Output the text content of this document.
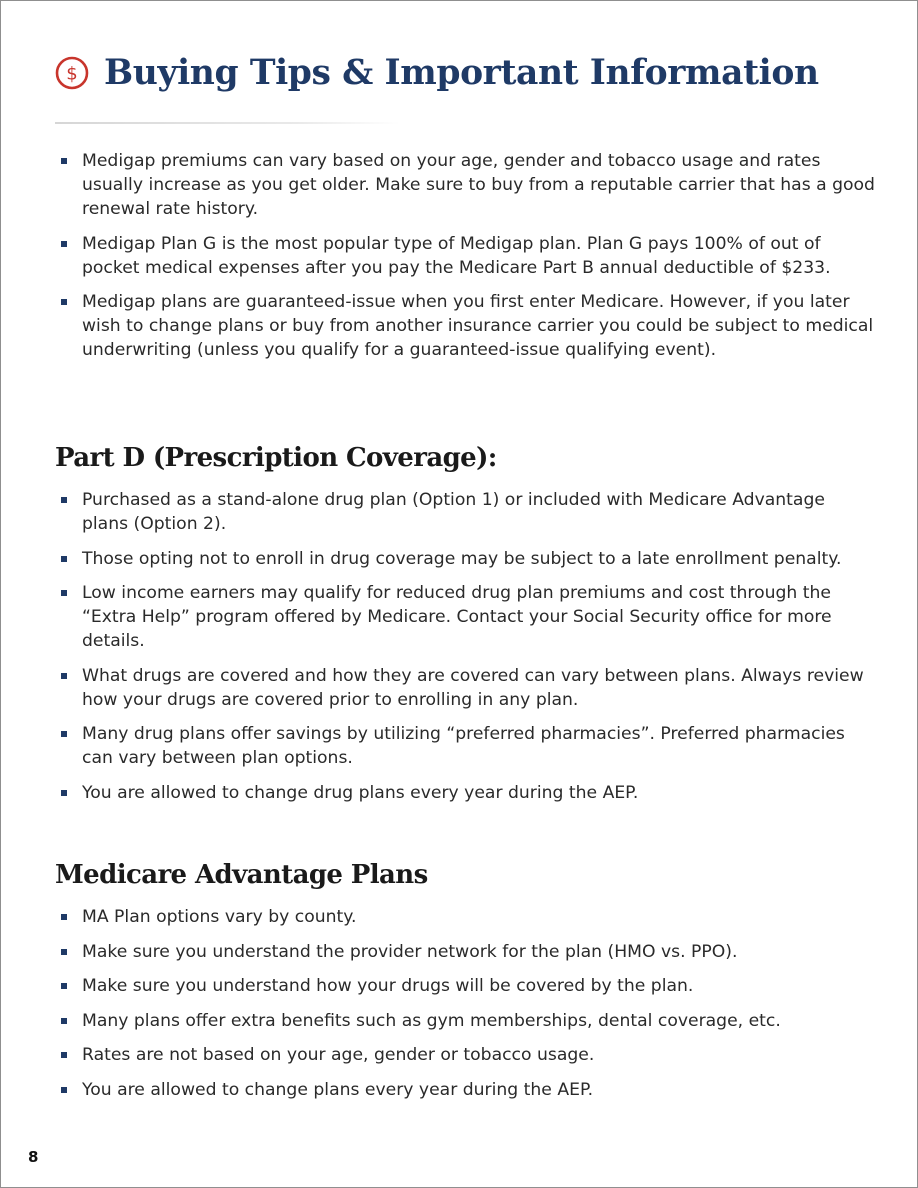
$ Buying Tips & Important Information
Medigap premiums can vary based on your age, gender and tobacco usage and rates usually increase as you get older. Make sure to buy from a reputable carrier that has a good renewal rate history.
Medigap Plan G is the most popular type of Medigap plan. Plan G pays 100% of out of pocket medical expenses after you pay the Medicare Part B annual deductible of $233.
Medigap plans are guaranteed-issue when you first enter Medicare. However, if you later wish to change plans or buy from another insurance carrier you could be subject to medical underwriting (unless you qualify for a guaranteed-issue qualifying event).
Part D (Prescription Coverage):
Purchased as a stand-alone drug plan (Option 1) or included with Medicare Advantage plans (Option 2).
Those opting not to enroll in drug coverage may be subject to a late enrollment penalty.
Low income earners may qualify for reduced drug plan premiums and cost through the “Extra Help” program offered by Medicare. Contact your Social Security office for more details.
What drugs are covered and how they are covered can vary between plans. Always review how your drugs are covered prior to enrolling in any plan.
Many drug plans offer savings by utilizing “preferred pharmacies”. Preferred pharmacies can vary between plan options.
You are allowed to change drug plans every year during the AEP.
Medicare Advantage Plans
MA Plan options vary by county.
Make sure you understand the provider network for the plan (HMO vs. PPO).
Make sure you understand how your drugs will be covered by the plan.
Many plans offer extra benefits such as gym memberships, dental coverage, etc.
Rates are not based on your age, gender or tobacco usage.
You are allowed to change plans every year during the AEP.
8
